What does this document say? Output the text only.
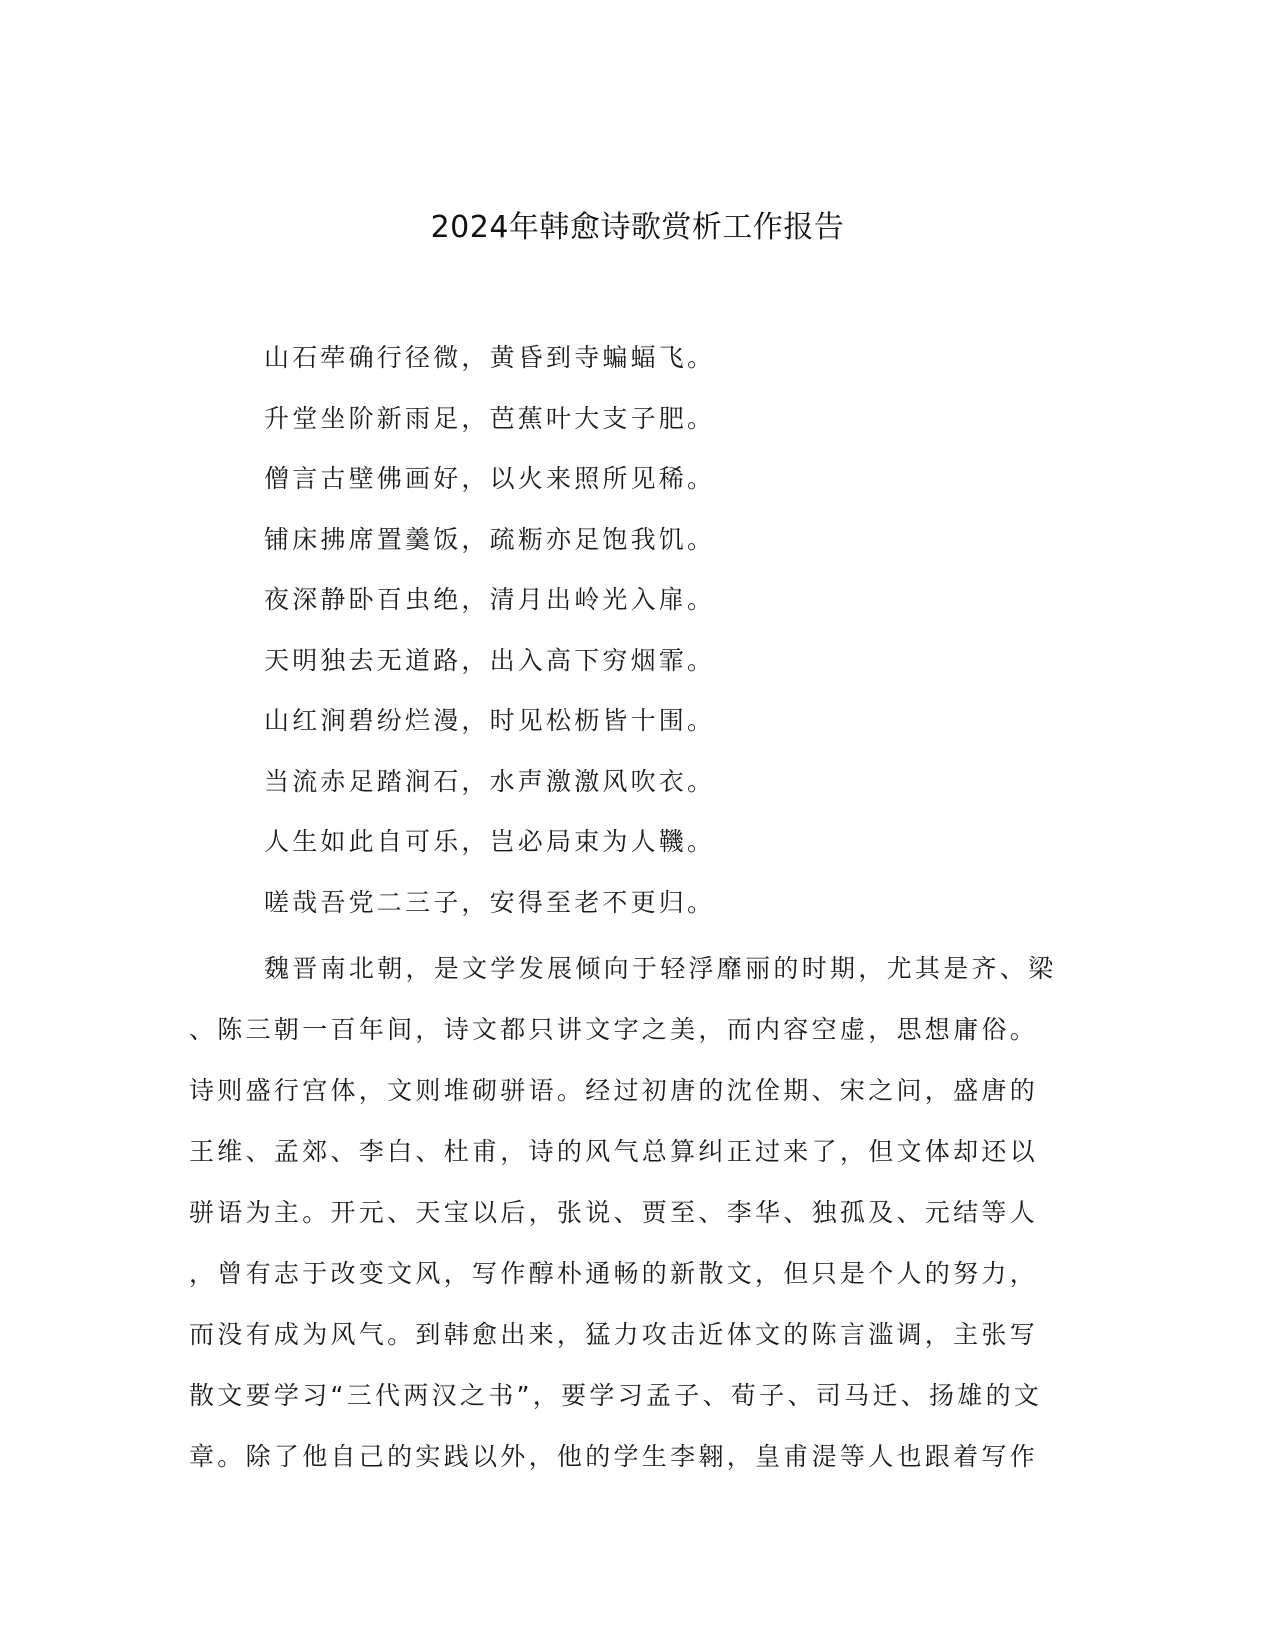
2024年韩愈诗歌赏析工作报告
山石荦确行径微，黄昏到寺蝙蝠飞。
升堂坐阶新雨足，芭蕉叶大支子肥。
僧言古壁佛画好，以火来照所见稀。
铺床拂席置羹饭，疏粝亦足饱我饥。
夜深静卧百虫绝，清月出岭光入扉。
天明独去无道路，出入高下穷烟霏。
山红涧碧纷烂漫，时见松枥皆十围。
当流赤足踏涧石，水声激激风吹衣。
人生如此自可乐，岂必局束为人鞿。
嗟哉吾党二三子，安得至老不更归。
魏晋南北朝，是文学发展倾向于轻浮靡丽的时期，尤其是齐、梁
、陈三朝一百年间，诗文都只讲文字之美，而内容空虚，思想庸俗。
诗则盛行宫体，文则堆砌骈语。经过初唐的沈佺期、宋之问，盛唐的
王维、孟郊、李白、杜甫，诗的风气总算纠正过来了，但文体却还以
骈语为主。开元、天宝以后，张说、贾至、李华、独孤及、元结等人
，曾有志于改变文风，写作醇朴通畅的新散文，但只是个人的努力，
而没有成为风气。到韩愈出来，猛力攻击近体文的陈言滥调，主张写
散文要学习“三代两汉之书”，要学习孟子、荀子、司马迁、扬雄的文
章。除了他自己的实践以外，他的学生李翱，皇甫湜等人也跟着写作
